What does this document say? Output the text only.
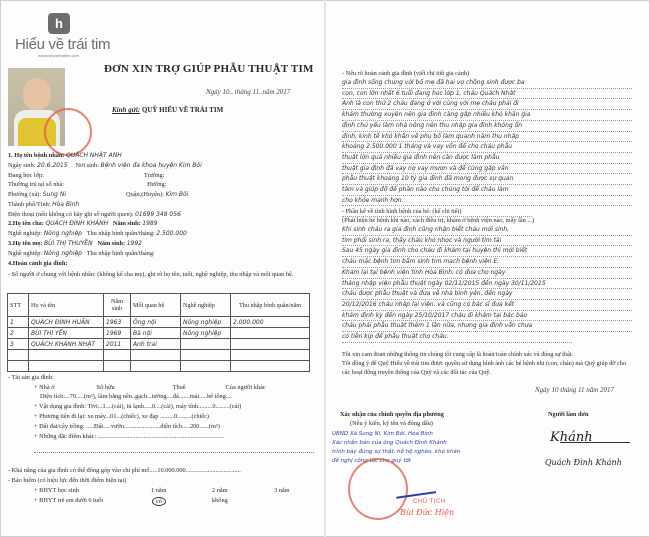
h
Hiểu về trái tim
www.hieuvetraitim.com
ĐƠN XIN TRỢ GIÚP PHẪU THUẬT TIM
Ngày 10.. tháng 11..năm 2017
Kính gửi: QUỸ HIẾU VỀ TRÁI TIM
1. Họ tên bệnh nhân: QUÁCH NHẬT ANH
Ngày sinh: 20.6.2015 Nơi sinh: Bệnh viện đa khoa huyện Kim Bôi
Đang học lớp:	Trường:
Thường trú tại số nhà:	Đường:
Phường (xã): Sung Ni	Quận,(Huyện): Kim Bôi
Thành phố/Tỉnh: Hòa Bình
Điện thoại (nếu không có hãy ghi số người quen): 01699 348 056
2.Họ tên cha: QUÁCH ĐÌNH KHÁNH Năm sinh: 1989
Nghề nghiệp: Nông nghiệp Thu nhập bình quân/tháng: 2.500.000
3.Họ tên mẹ: BÙI THỊ THUYỀN Năm sinh: 1992
Nghề nghiệp: Nông nghiệp Thu nhập bình quân/tháng:
4.Hoàn cảnh gia đình:
- Số người ở chung với bệnh nhân: (không kể cha mẹ), ghi rõ họ tên, tuổi, nghề nghiệp, thu nhập và mối quan hệ.
STT	Họ và tên	Năm sinh	Mối quan hệ	Nghề nghiệp	Thu nhập bình quân/năm
1	QUÁCH ĐÌNH HUẤN	1963	Ông nội	Nông nghiệp	2.000.000
2	BÙI THỊ YẾN	1969	Bà nội	Nông nghiệp	
3	QUÁCH KHÁNH NHẬT	2011	Anh trai		

- Tài sản gia đình:
+ Nhà ở	Sở hữu	Thuê	Của người khác
Diện tích:...70.....(m²), làm bằng nền..gạch...tường....đá.......mái.....bê tông....
+ Vật dụng gia đình: Tivi...1....(cái), tủ lạnh.....0....(cái), máy tính.........0.........(cái)
+ Phương tiện đi lại: xe máy...01...(chiếc), xe đạp .........0.........(chiếc)
+ Đất đai/cây trồng: .....Đất.....vườn.......................diện tích.....200......(m²)
+ Những đặc điểm khác: ................................................................................
- Khả năng của gia đình có thể đóng góp vào chi phí mổ.....10.000.000...................................
- Bảo hiểm (có hiệu lực đến thời điểm hiện tại)
+ BHYT học sinh	1 năm	2 năm	3 năm
+ BHYT trẻ em dưới 6 tuổi	có	không
- Nêu rõ hoàn cảnh gia đình (viết chi tiết gia cảnh)
gia đình sống chung với bố mẹ đã hai vợ chồng sinh được ba
con, con lớn nhất 6 tuổi đang học lớp 1, cháu Quách Nhật
Anh là con thứ 2 cháu đang ở với cùng với mẹ cháu phải đi
khám thường xuyên nên gia đình càng gặp nhiều khó khăn gia
đình chủ yếu làm nhà nông nên thu nhập gia đình không ổn
định, kinh tế khó khăn về phụ bố làm quanh năm thu nhập
khoảng 2.500.000 1 tháng và vay vốn để cho cháu phẫu
thuật lớn quá nhiều gia đình nên cần được làm phẫu
thuật gia đình đã vay nợ vay mượn và để cùng gặp vấn
phẫu thuật khoảng 10 tỷ gia đình đã mong được sự quan
tâm và giúp đỡ để phần nào cho chúng tôi để cháu làm
cho khỏe mạnh hơn.

- Phần kể về tình hình bệnh của bé: (kể chi tiết)
(Phát hiện bé bệnh khi nào, cách điều trị, khám ở bệnh viện nào, mấy lần ...)
Khi sinh cháu ra gia đình cũng nhận biết cháu mới sinh,
tim phổi sinh ra, thấy cháu khó nhọc và người tím tái
Sau 45 ngày gia đình cho cháu đi khám tại huyện thì mới biết
cháu mắc bệnh tim bẩm sinh tim mạch bệnh viện E.
Khám lại tại bệnh viện tỉnh Hòa Bình, có đưa cho ngày
tháng nhập viện phẫu thuật ngày 02/11/2015 đến ngày 30/11/2015
cháu được phẫu thuật và đưa về nhà bình yên, đến ngày
20/12/2016 cháu nhập lại viện, và cũng có bác sĩ đưa kết
khám định kỳ đến ngày 25/10/2017 cháu đi khám tại bác bảo
cháu phải phẫu thuật thêm 1 lần nữa, nhưng gia đình vẫn chưa
có tiền kịp để phẫu thuật cho cháu.
Tôi xin cam đoan những thông tin chúng tôi cung cấp là hoàn toàn chính xác và đúng sự thật.
Tôi đồng ý để Quỹ Hiểu về trái tim được quyền sử dụng hình ảnh các bé bệnh nhi (con, cháu) mà Quỹ giúp đỡ cho các hoạt động truyền thông của Quỹ và các đối tác của Quỹ.
Ngày 10 tháng 11 năm 2017
Xác nhận của chính quyền địa phương
(Nêu ý kiến, ký tên và đóng dấu)
UBND Xã Sung Ni, Kim Bôi, Hòa Bình
Xác nhận bản của ông Quách Đình Khánh
trình bày đúng sự thật, hộ hộ nghèo, khó khăn
đề nghị cộng tác cho quý tốt
CHỦ TỊCH
Bùi Đức Hiện
Người làm đơn
Khánh
Quách Đình Khánh
